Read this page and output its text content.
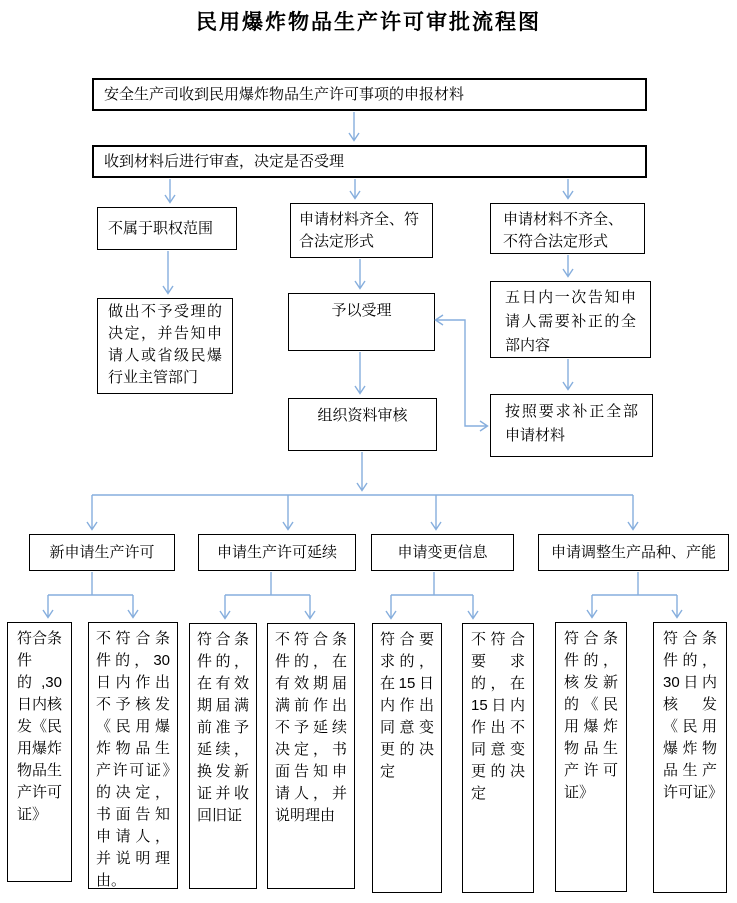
民用爆炸物品生产许可审批流程图
安全生产司收到民用爆炸物品生产许可事项的申报材料
收到材料后进行审查，决定是否受理
不属于职权范围	申请材料齐全、符合法定形式
申请材料不齐全、不符合法定形式
做出不予受理的决定，并告知申请人或省级民爆行业主管部门
予以受理
五日内一次告知申请人需要补正的全部内容
组织资料审核	按照要求补正全部申请材料
新申请生产许可	申请生产许可延续	申请变更信息	申请调整生产品种、产能
符合条件的,30日内核发《民用爆炸物品生产许可证》
不符合条件的，30日内作出不予核发《民用爆炸物品生产许可证》的决定，书面告知申请人，并说明理由。
符合条件的，在有效期届满前准予延续，换发新证并收回旧证
不符合条件的，在有效期届满前作出不予延续决定，书面告知申请人，并说明理由
符合要求的，在15日内作出同意变更的决定
不符合要求的，在15日内作出不同意变更的决定
符合条件的，核发新的《民用爆炸物品生产许可证》
符合条件的，30日内核发《民用爆炸物品生产许可证》
